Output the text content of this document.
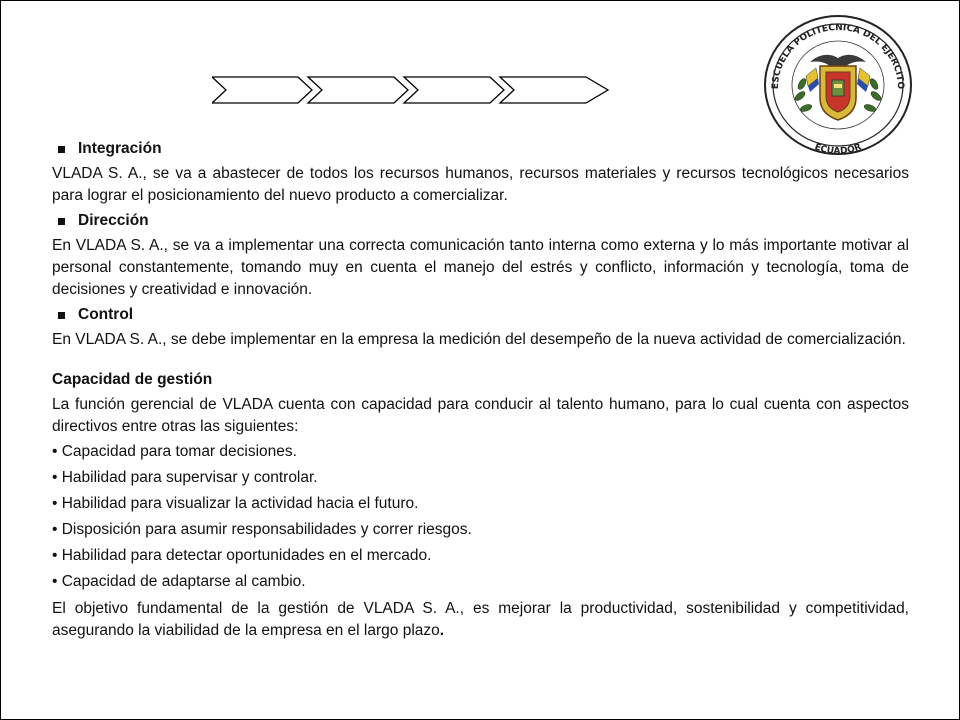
ESCUELA POLITECNICA DEL EJERCITO
ECUADOR
Integración
VLADA S. A., se va a abastecer de todos los recursos humanos, recursos materiales y recursos tecnológicos necesarios para lograr el posicionamiento del nuevo producto a comercializar.
Dirección
En VLADA S. A., se va a implementar una correcta comunicación tanto interna como externa y lo más importante motivar al personal constantemente, tomando muy en cuenta el manejo del estrés y conflicto, información y tecnología, toma de decisiones y creatividad e innovación.
Control
En VLADA S. A., se debe implementar en la empresa la medición del desempeño de la nueva actividad de comercialización.
Capacidad de gestión
La función gerencial de VLADA cuenta con capacidad para conducir al talento humano, para lo cual cuenta con aspectos directivos entre otras las siguientes:
• Capacidad para tomar decisiones.
• Habilidad para supervisar y controlar.
• Habilidad para visualizar la actividad hacia el futuro.
• Disposición para asumir responsabilidades y correr riesgos.
• Habilidad para detectar oportunidades en el mercado.
• Capacidad de adaptarse al cambio.
El objetivo fundamental de la gestión de VLADA S. A., es mejorar la productividad, sostenibilidad y competitividad, asegurando la viabilidad de la empresa en el largo plazo.
